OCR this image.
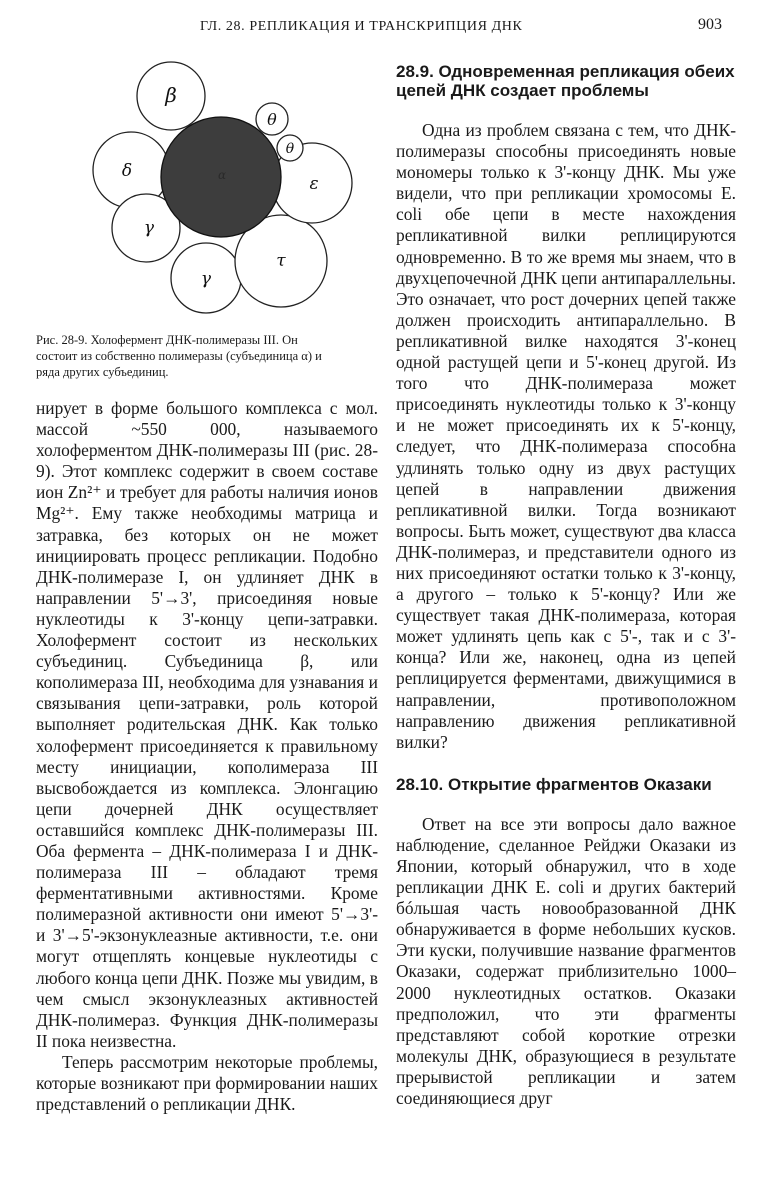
ГЛ. 28. РЕПЛИКАЦИЯ И ТРАНСКРИПЦИЯ ДНК	903
β
θ
θ
δ	α	ε
γ
γ
τ
Рис. 28-9. Холофермент ДНК-полимеразы III. Он состоит из собственно полимеразы (субъединица α) и ряда других субъединиц.

нирует в форме большого комплекса с мол. массой ~550 000, называемого холоферментом ДНК-полимеразы III (рис. 28-9). Этот комплекс содержит в своем составе ион Zn²⁺ и требует для работы наличия ионов Mg²⁺. Ему также необходимы матрица и затравка, без которых он не может инициировать процесс репликации. Подобно ДНК-полимеразе I, он удлиняет ДНК в направлении 5'→3', присоединяя новые нуклеотиды к 3'-концу цепи-затравки. Холофермент состоит из нескольких субъединиц. Субъединица β, или кополимераза III, необходима для узнавания и связывания цепи-затравки, роль которой выполняет родительская ДНК. Как только холофермент присоединяется к правильному месту инициации, кополимераза III высвобождается из комплекса. Элонгацию цепи дочерней ДНК осуществляет оставшийся комплекс ДНК-полимеразы III. Оба фермента – ДНК-полимераза I и ДНК-полимераза III – обладают тремя ферментативными активностями. Кроме полимеразной активности они имеют 5'→3'- и 3'→5'-экзонуклеазные активности, т.е. они могут отщеплять концевые нуклеотиды с любого конца цепи ДНК. Позже мы увидим, в чем смысл экзонуклеазных активностей ДНК-полимераз. Функция ДНК-полимеразы II пока неизвестна.

Теперь рассмотрим некоторые проблемы, которые возникают при формировании наших представлений о репликации ДНК.

28.9. Одновременная репликация обеих цепей ДНК создает проблемы

Одна из проблем связана с тем, что ДНК-полимеразы способны присоединять новые мономеры только к 3'-концу ДНК. Мы уже видели, что при репликации хромосомы E. coli обе цепи в месте нахождения репликативной вилки реплицируются одновременно. В то же время мы знаем, что в двухцепочечной ДНК цепи антипараллельны. Это означает, что рост дочерних цепей также должен происходить антипараллельно. В репликативной вилке находятся 3'-конец одной растущей цепи и 5'-конец другой. Из того что ДНК-полимераза может присоединять нуклеотиды только к 3'-концу и не может присоединять их к 5'-концу, следует, что ДНК-полимераза способна удлинять только одну из двух растущих цепей в направлении движения репликативной вилки. Тогда возникают вопросы. Быть может, существуют два класса ДНК-полимераз, и представители одного из них присоединяют остатки только к 3'-концу, а другого – только к 5'-концу? Или же существует такая ДНК-полимераза, которая может удлинять цепь как с 5'-, так и с 3'-конца? Или же, наконец, одна из цепей реплицируется ферментами, движущимися в направлении, противоположном направлению движения репликативной вилки?

28.10. Открытие фрагментов Оказаки

Ответ на все эти вопросы дало важное наблюдение, сделанное Рейджи Оказаки из Японии, который обнаружил, что в ходе репликации ДНК E. coli и других бактерий бóльшая часть новообразованной ДНК обнаруживается в форме небольших кусков. Эти куски, получившие название фрагментов Оказаки, содержат приблизительно 1000–2000 нуклеотидных остатков. Оказаки предположил, что эти фрагменты представляют собой короткие отрезки молекулы ДНК, образующиеся в результате прерывистой репликации и затем соединяющиеся друг
